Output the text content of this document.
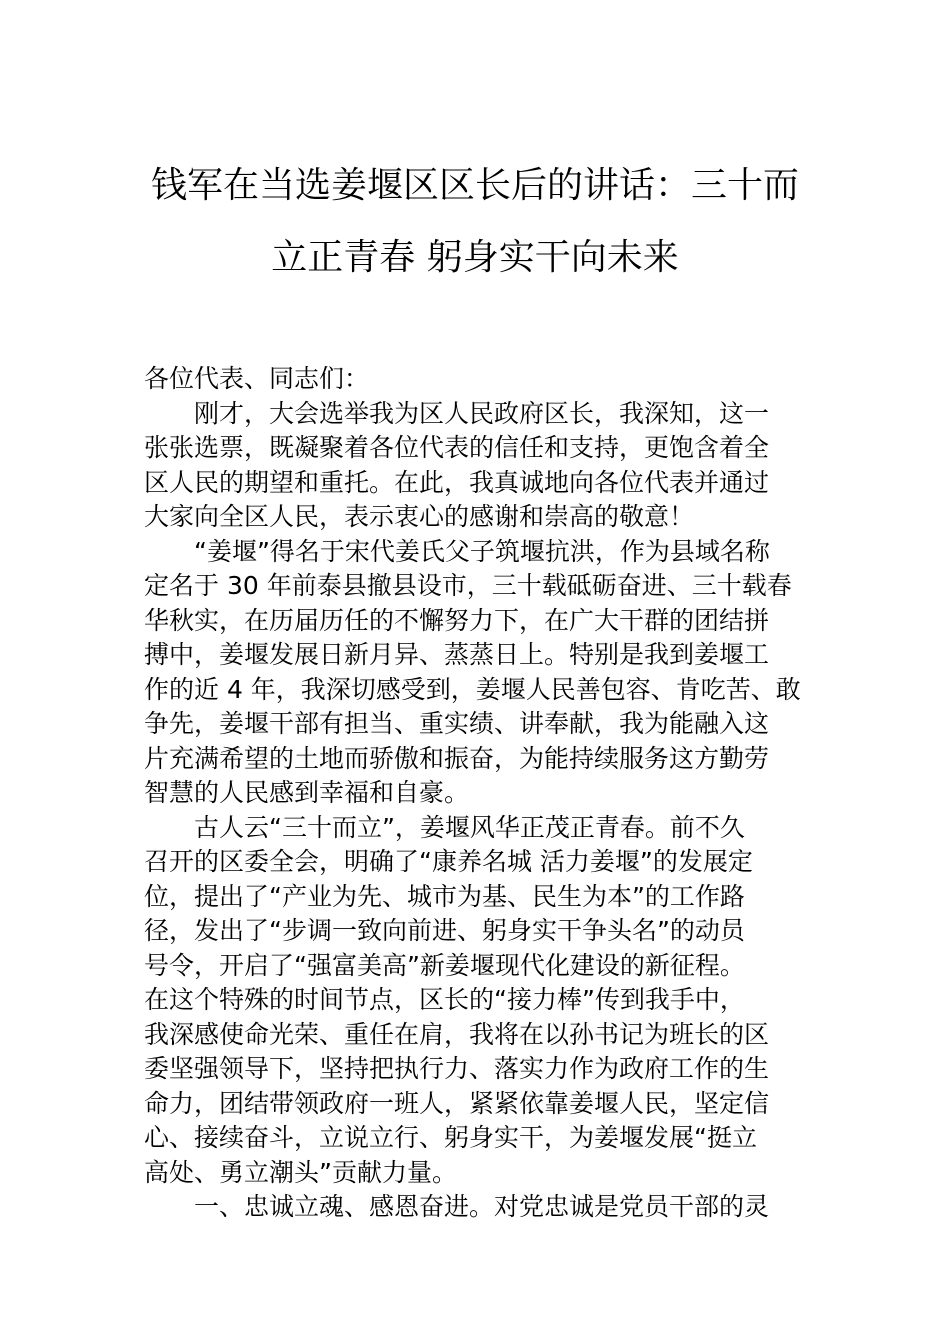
钱军在当选姜堰区区长后的讲话：三十而
立正青春 躬身实干向未来
各位代表、同志们：
刚才，大会选举我为区人民政府区长，我深知，这一
张张选票，既凝聚着各位代表的信任和支持，更饱含着全
区人民的期望和重托。在此，我真诚地向各位代表并通过
大家向全区人民，表示衷心的感谢和崇高的敬意！
“姜堰”得名于宋代姜氏父子筑堰抗洪，作为县域名称
定名于 30 年前泰县撤县设市，三十载砥砺奋进、三十载春
华秋实，在历届历任的不懈努力下，在广大干群的团结拼
搏中，姜堰发展日新月异、蒸蒸日上。特别是我到姜堰工
作的近 4 年，我深切感受到，姜堰人民善包容、肯吃苦、敢
争先，姜堰干部有担当、重实绩、讲奉献，我为能融入这
片充满希望的土地而骄傲和振奋，为能持续服务这方勤劳
智慧的人民感到幸福和自豪。
古人云“三十而立”，姜堰风华正茂正青春。前不久
召开的区委全会，明确了“康养名城 活力姜堰”的发展定
位，提出了“产业为先、城市为基、民生为本”的工作路
径，发出了“步调一致向前进、躬身实干争头名”的动员
号令，开启了“强富美高”新姜堰现代化建设的新征程。
在这个特殊的时间节点，区长的“接力棒”传到我手中，
我深感使命光荣、重任在肩，我将在以孙书记为班长的区
委坚强领导下，坚持把执行力、落实力作为政府工作的生
命力，团结带领政府一班人，紧紧依靠姜堰人民，坚定信
心、接续奋斗，立说立行、躬身实干，为姜堰发展“挺立
高处、勇立潮头”贡献力量。
一、忠诚立魂、感恩奋进。对党忠诚是党员干部的灵
